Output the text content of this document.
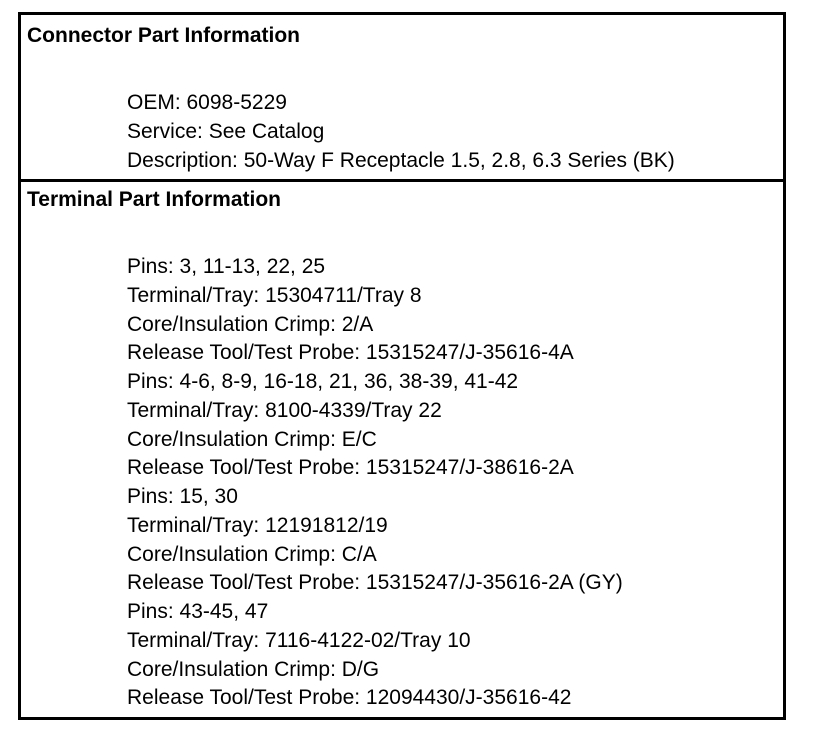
Connector Part Information
OEM: 6098-5229
Service: See Catalog
Description: 50-Way F Receptacle 1.5, 2.8, 6.3 Series (BK)
Terminal Part Information
Pins: 3, 11-13, 22, 25
Terminal/Tray: 15304711/Tray 8
Core/Insulation Crimp: 2/A
Release Tool/Test Probe: 15315247/J-35616-4A
Pins: 4-6, 8-9, 16-18, 21, 36, 38-39, 41-42
Terminal/Tray: 8100-4339/Tray 22
Core/Insulation Crimp: E/C
Release Tool/Test Probe: 15315247/J-38616-2A
Pins: 15, 30
Terminal/Tray: 12191812/19
Core/Insulation Crimp: C/A
Release Tool/Test Probe: 15315247/J-35616-2A (GY)
Pins: 43-45, 47
Terminal/Tray: 7116-4122-02/Tray 10
Core/Insulation Crimp: D/G
Release Tool/Test Probe: 12094430/J-35616-42
